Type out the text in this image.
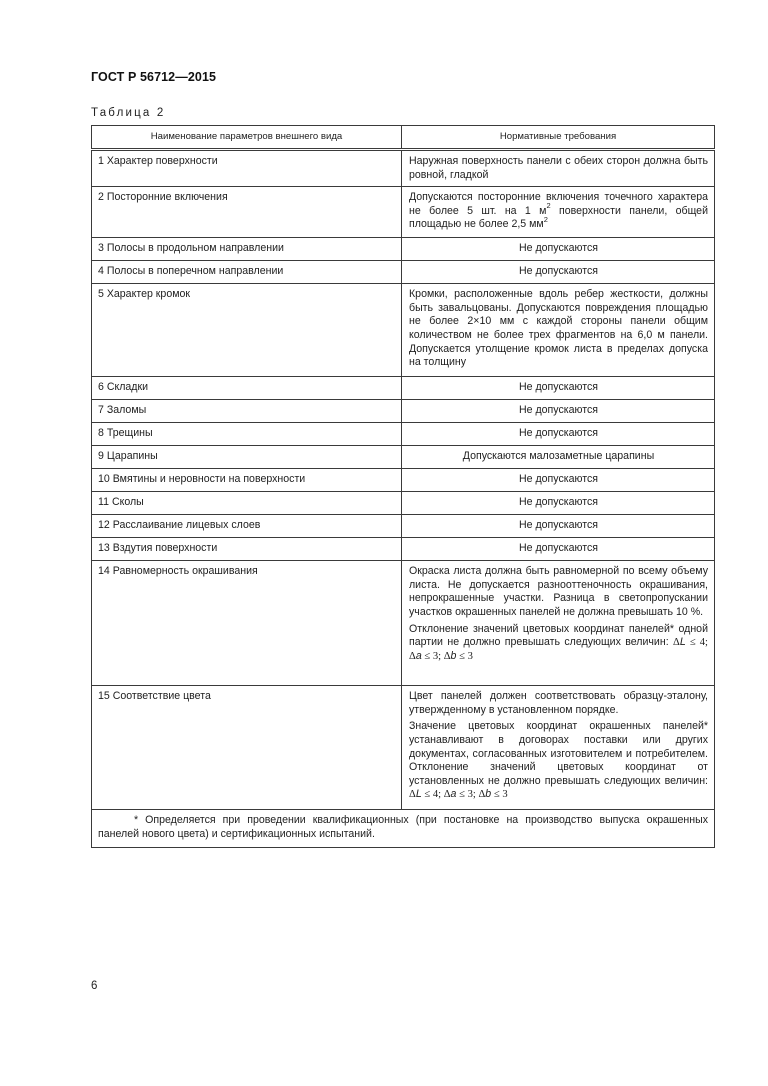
ГОСТ Р 56712—2015
Таблица 2
Наименование параметров внешнего вида	Нормативные требования
1 Характер поверхности	Наружная поверхность панели с обеих сторон должна быть ровной, гладкой
2 Посторонние включения	Допускаются посторонние включения точечного характера не более 5 шт. на 1 $м^2$ поверхности панели, общей площадью не более 2,5 $мм^2$
3 Полосы в продольном направлении	Не допускаются
4 Полосы в поперечном направлении	Не допускаются
5 Характер кромок	Кромки, расположенные вдоль ребер жесткости, должны быть завальцованы. Допускаются повреждения площадью не более 2×10 мм с каждой стороны панели общим количеством не более трех фрагментов на 6,0 м панели. Допускается утолщение кромок листа в пределах допуска на толщину
6 Складки	Не допускаются
7 Заломы	Не допускаются
8 Трещины	Не допускаются
9 Царапины	Допускаются малозаметные царапины
10 Вмятины и неровности на поверхности	Не допускаются
11 Сколы	Не допускаются
12 Расслаивание лицевых слоев	Не допускаются
13 Вздутия поверхности	Не допускаются
14 Равномерность окрашивания	Окраска листа должна быть равномерной по всему объему листа. Не допускается разнооттеночность окрашивания, непрокрашенные участки. Разница в светопропускании участков окрашенных панелей не должна превышать 10 %.
Отклонение значений цветовых координат панелей* одной партии не должно превышать следующих величин: ΔL ≤ 4; Δa ≤ 3; Δb ≤ 3

15 Соответствие цвета	Цвет панелей должен соответствовать образцу-эталону, утвержденному в установленном порядке.
Значение цветовых координат окрашенных панелей* устанавливают в договорах поставки или других документах, согласованных изготовителем и потребителем. Отклонение значений цветовых координат от установленных не должно превышать следующих величин: ΔL ≤ 4; Δa ≤ 3; Δb ≤ 3

* Определяется при проведении квалификационных (при постановке на производство выпуска окрашенных панелей нового цвета) и сертификационных испытаний.	
6
